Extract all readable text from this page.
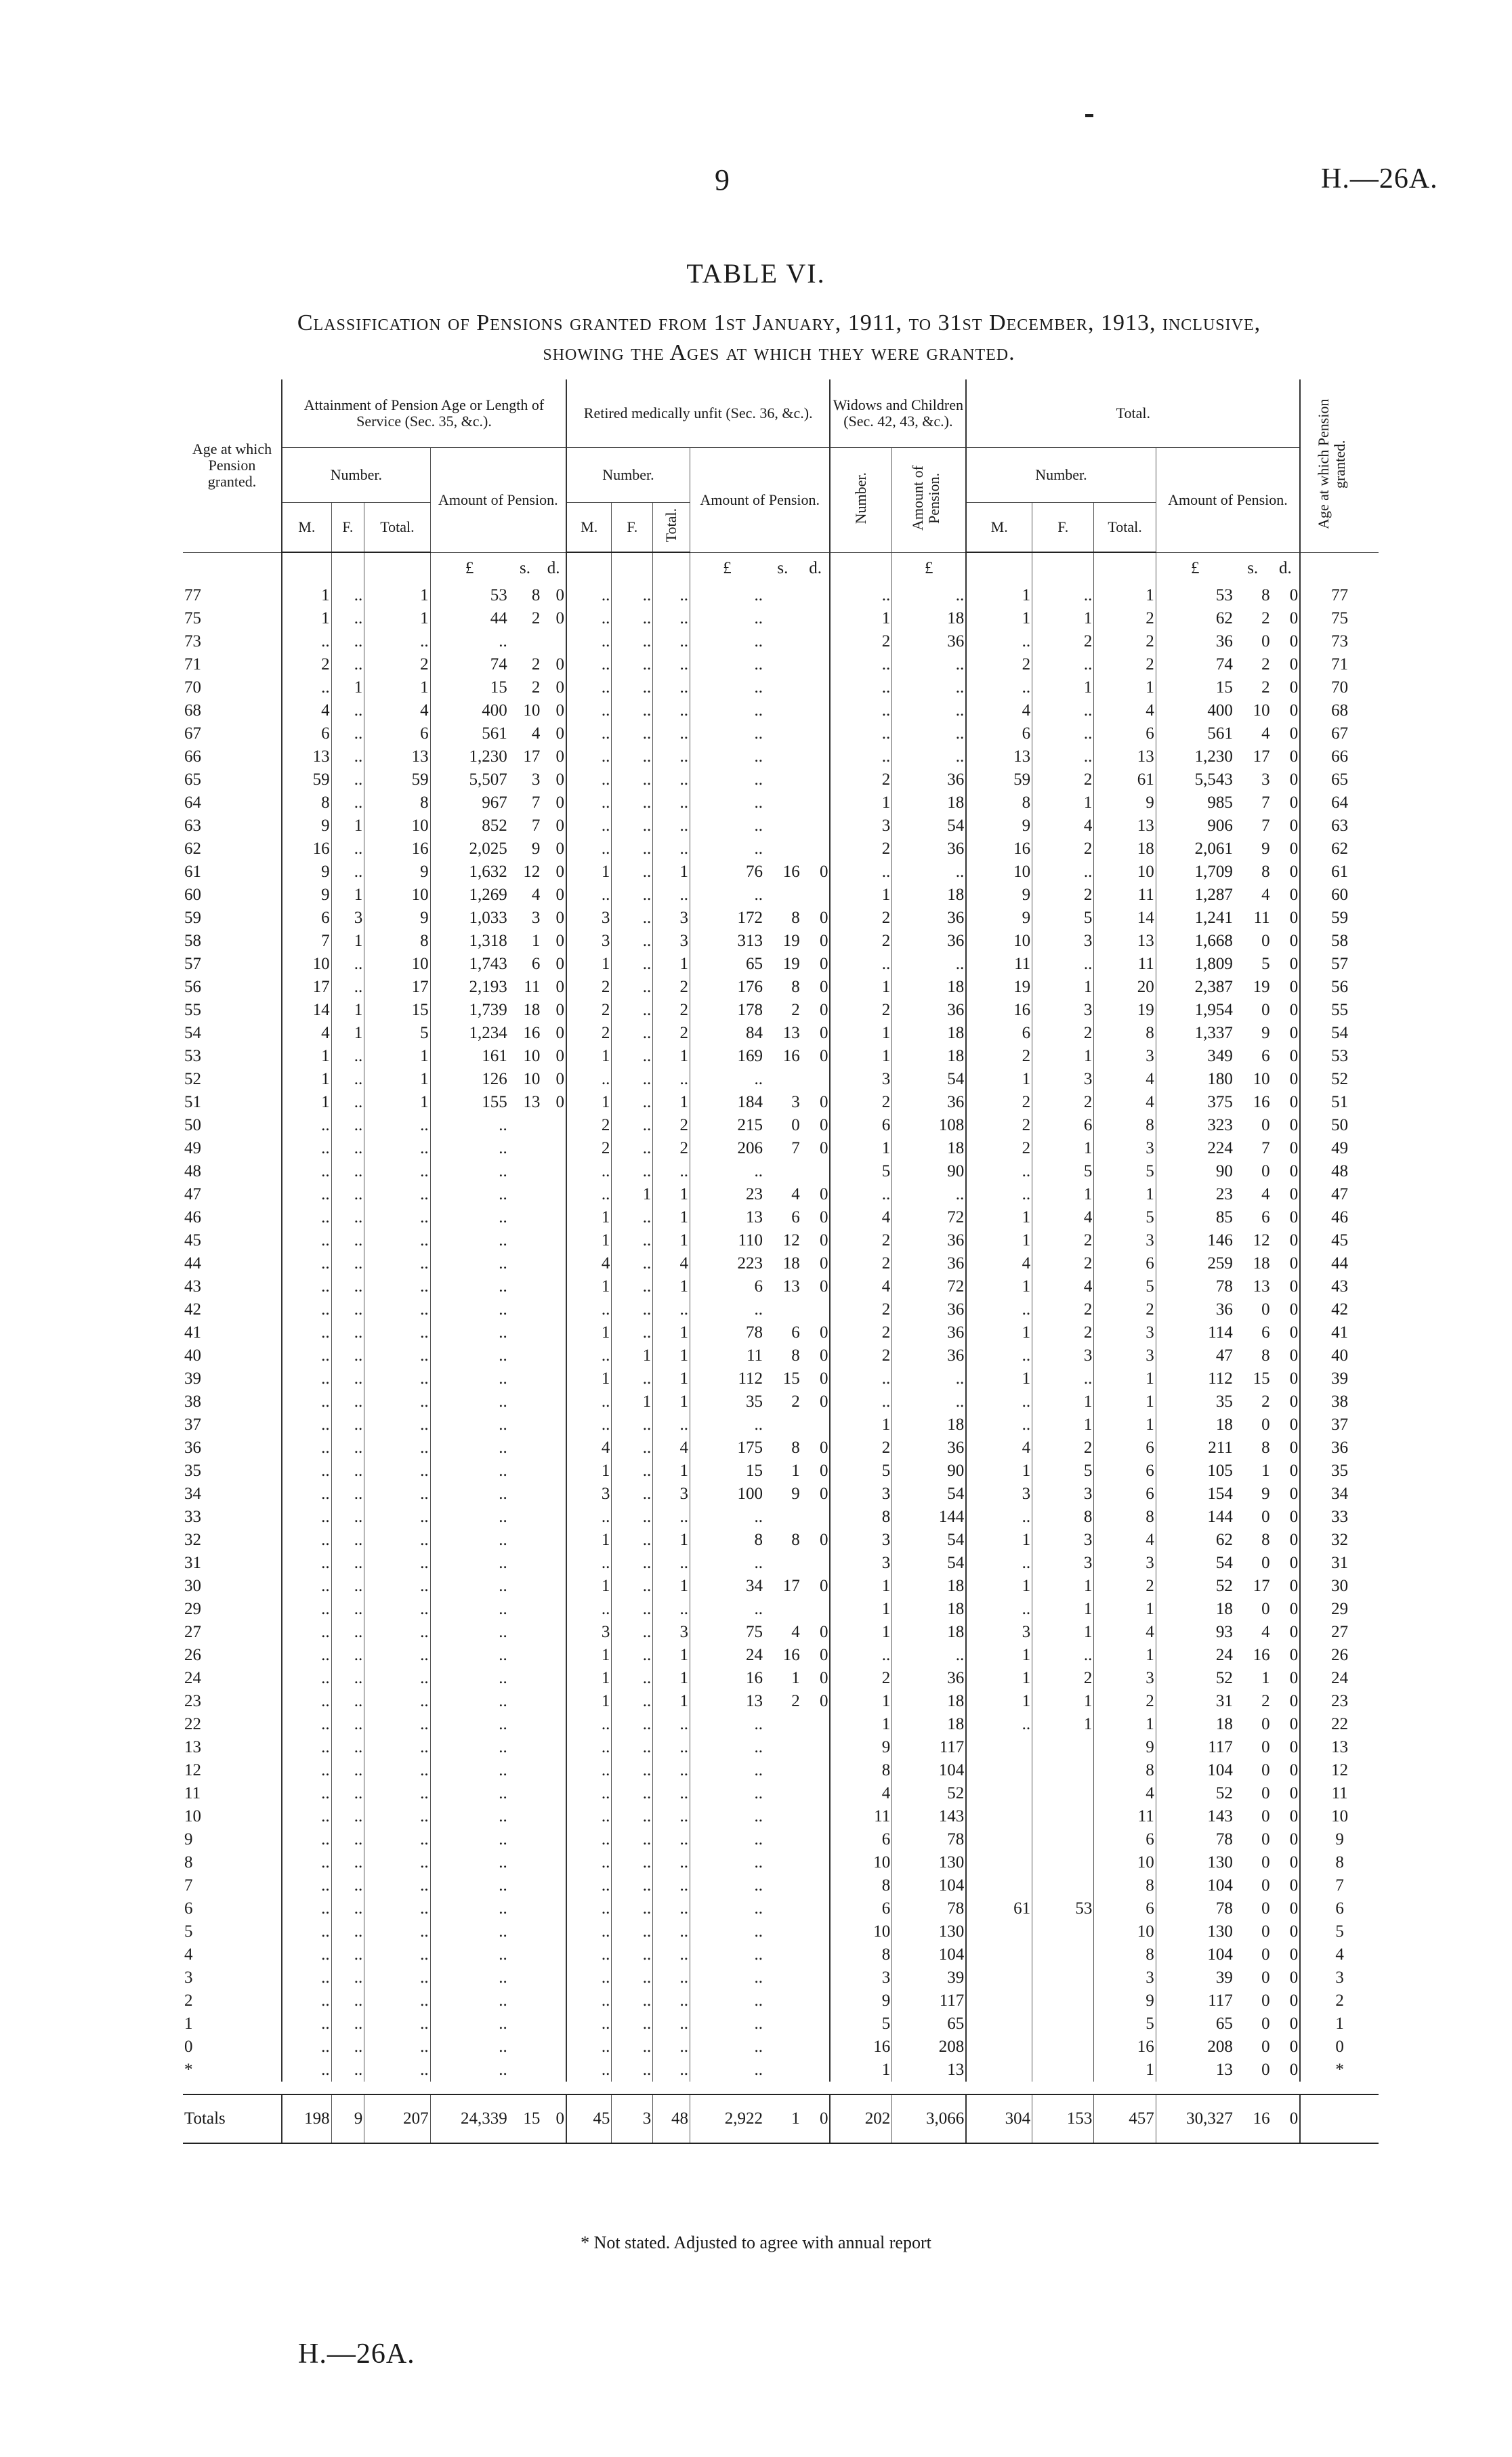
9	H.—26A.
TABLE VI.
Classification of Pensions granted from 1st January, 1911, to 31st December, 1913, inclusive,
showing the Ages at which they were granted.
Age at which Pension granted.	Attainment of Pension Age or Length of Service (Sec. 35, &c.).						Retired medically unfit (Sec. 36, &c.).						Widows and Children (Sec. 42, 43, &c.).		Total.						Age at which Pension granted.
	Number.			Amount of Pension.			Number.			Amount of Pension.			Number.	Amount of Pension.	Number.			Amount of Pension.			
	M.	F.	Total.				M.	F.	Total.						M.	F.	Total.				
				£	s.	d.				£	s.	d.		£				£	s.	d.	
77	1	..	1	53	8	0	..	..	..	..			..	..	1	..	1	53	8	0	77
75	1	..	1	44	2	0	..	..	..	..			1	18	1	1	2	62	2	0	75
73	..	..	..	..			..	..	..	..			2	36	..	2	2	36	0	0	73
71	2	..	2	74	2	0	..	..	..	..			..	..	2	..	2	74	2	0	71
70	..	1	1	15	2	0	..	..	..	..			..	..	..	1	1	15	2	0	70
68	4	..	4	400	10	0	..	..	..	..			..	..	4	..	4	400	10	0	68
67	6	..	6	561	4	0	..	..	..	..			..	..	6	..	6	561	4	0	67
66	13	..	13	1,230	17	0	..	..	..	..			..	..	13	..	13	1,230	17	0	66
65	59	..	59	5,507	3	0	..	..	..	..			2	36	59	2	61	5,543	3	0	65
64	8	..	8	967	7	0	..	..	..	..			1	18	8	1	9	985	7	0	64
63	9	1	10	852	7	0	..	..	..	..			3	54	9	4	13	906	7	0	63
62	16	..	16	2,025	9	0	..	..	..	..			2	36	16	2	18	2,061	9	0	62
61	9	..	9	1,632	12	0	1	..	1	76	16	0	..	..	10	..	10	1,709	8	0	61
60	9	1	10	1,269	4	0	..	..	..	..			1	18	9	2	11	1,287	4	0	60
59	6	3	9	1,033	3	0	3	..	3	172	8	0	2	36	9	5	14	1,241	11	0	59
58	7	1	8	1,318	1	0	3	..	3	313	19	0	2	36	10	3	13	1,668	0	0	58
57	10	..	10	1,743	6	0	1	..	1	65	19	0	..	..	11	..	11	1,809	5	0	57
56	17	..	17	2,193	11	0	2	..	2	176	8	0	1	18	19	1	20	2,387	19	0	56
55	14	1	15	1,739	18	0	2	..	2	178	2	0	2	36	16	3	19	1,954	0	0	55
54	4	1	5	1,234	16	0	2	..	2	84	13	0	1	18	6	2	8	1,337	9	0	54
53	1	..	1	161	10	0	1	..	1	169	16	0	1	18	2	1	3	349	6	0	53
52	1	..	1	126	10	0	..	..	..	..			3	54	1	3	4	180	10	0	52
51	1	..	1	155	13	0	1	..	1	184	3	0	2	36	2	2	4	375	16	0	51
50	..	..	..	..			2	..	2	215	0	0	6	108	2	6	8	323	0	0	50
49	..	..	..	..			2	..	2	206	7	0	1	18	2	1	3	224	7	0	49
48	..	..	..	..			..	..	..	..			5	90	..	5	5	90	0	0	48
47	..	..	..	..			..	1	1	23	4	0	..	..	..	1	1	23	4	0	47
46	..	..	..	..			1	..	1	13	6	0	4	72	1	4	5	85	6	0	46
45	..	..	..	..			1	..	1	110	12	0	2	36	1	2	3	146	12	0	45
44	..	..	..	..			4	..	4	223	18	0	2	36	4	2	6	259	18	0	44
43	..	..	..	..			1	..	1	6	13	0	4	72	1	4	5	78	13	0	43
42	..	..	..	..			..	..	..	..			2	36	..	2	2	36	0	0	42
41	..	..	..	..			1	..	1	78	6	0	2	36	1	2	3	114	6	0	41
40	..	..	..	..			..	1	1	11	8	0	2	36	..	3	3	47	8	0	40
39	..	..	..	..			1	..	1	112	15	0	..	..	1	..	1	112	15	0	39
38	..	..	..	..			..	1	1	35	2	0	..	..	..	1	1	35	2	0	38
37	..	..	..	..			..	..	..	..			1	18	..	1	1	18	0	0	37
36	..	..	..	..			4	..	4	175	8	0	2	36	4	2	6	211	8	0	36
35	..	..	..	..			1	..	1	15	1	0	5	90	1	5	6	105	1	0	35
34	..	..	..	..			3	..	3	100	9	0	3	54	3	3	6	154	9	0	34
33	..	..	..	..			..	..	..	..			8	144	..	8	8	144	0	0	33
32	..	..	..	..			1	..	1	8	8	0	3	54	1	3	4	62	8	0	32
31	..	..	..	..			..	..	..	..			3	54	..	3	3	54	0	0	31
30	..	..	..	..			1	..	1	34	17	0	1	18	1	1	2	52	17	0	30
29	..	..	..	..			..	..	..	..			1	18	..	1	1	18	0	0	29
27	..	..	..	..			3	..	3	75	4	0	1	18	3	1	4	93	4	0	27
26	..	..	..	..			1	..	1	24	16	0	..	..	1	..	1	24	16	0	26
24	..	..	..	..			1	..	1	16	1	0	2	36	1	2	3	52	1	0	24
23	..	..	..	..			1	..	1	13	2	0	1	18	1	1	2	31	2	0	23
22	..	..	..	..			..	..	..	..			1	18	..	1	1	18	0	0	22
13	..	..	..	..			..	..	..	..			9	117			9	117	0	0	13
12	..	..	..	..			..	..	..	..			8	104			8	104	0	0	12
11	..	..	..	..			..	..	..	..			4	52			4	52	0	0	11
10	..	..	..	..			..	..	..	..			11	143			11	143	0	0	10
9	..	..	..	..			..	..	..	..			6	78			6	78	0	0	9
8	..	..	..	..			..	..	..	..			10	130			10	130	0	0	8
7	..	..	..	..			..	..	..	..			8	104			8	104	0	0	7
6	..	..	..	..			..	..	..	..			6	78	61	53	6	78	0	0	6
5	..	..	..	..			..	..	..	..			10	130			10	130	0	0	5
4	..	..	..	..			..	..	..	..			8	104			8	104	0	0	4
3	..	..	..	..			..	..	..	..			3	39			3	39	0	0	3
2	..	..	..	..			..	..	..	..			9	117			9	117	0	0	2
1	..	..	..	..			..	..	..	..			5	65			5	65	0	0	1
0	..	..	..	..			..	..	..	..			16	208			16	208	0	0	0
*	..	..	..	..			..	..	..	..			1	13			1	13	0	0	*

Totals	198	9	207	24,339	15	0	45	3	48	2,922	1	0	202	3,066	304	153	457	30,327	16	0	
* Not stated. Adjusted to agree with annual report
H.—26A.
